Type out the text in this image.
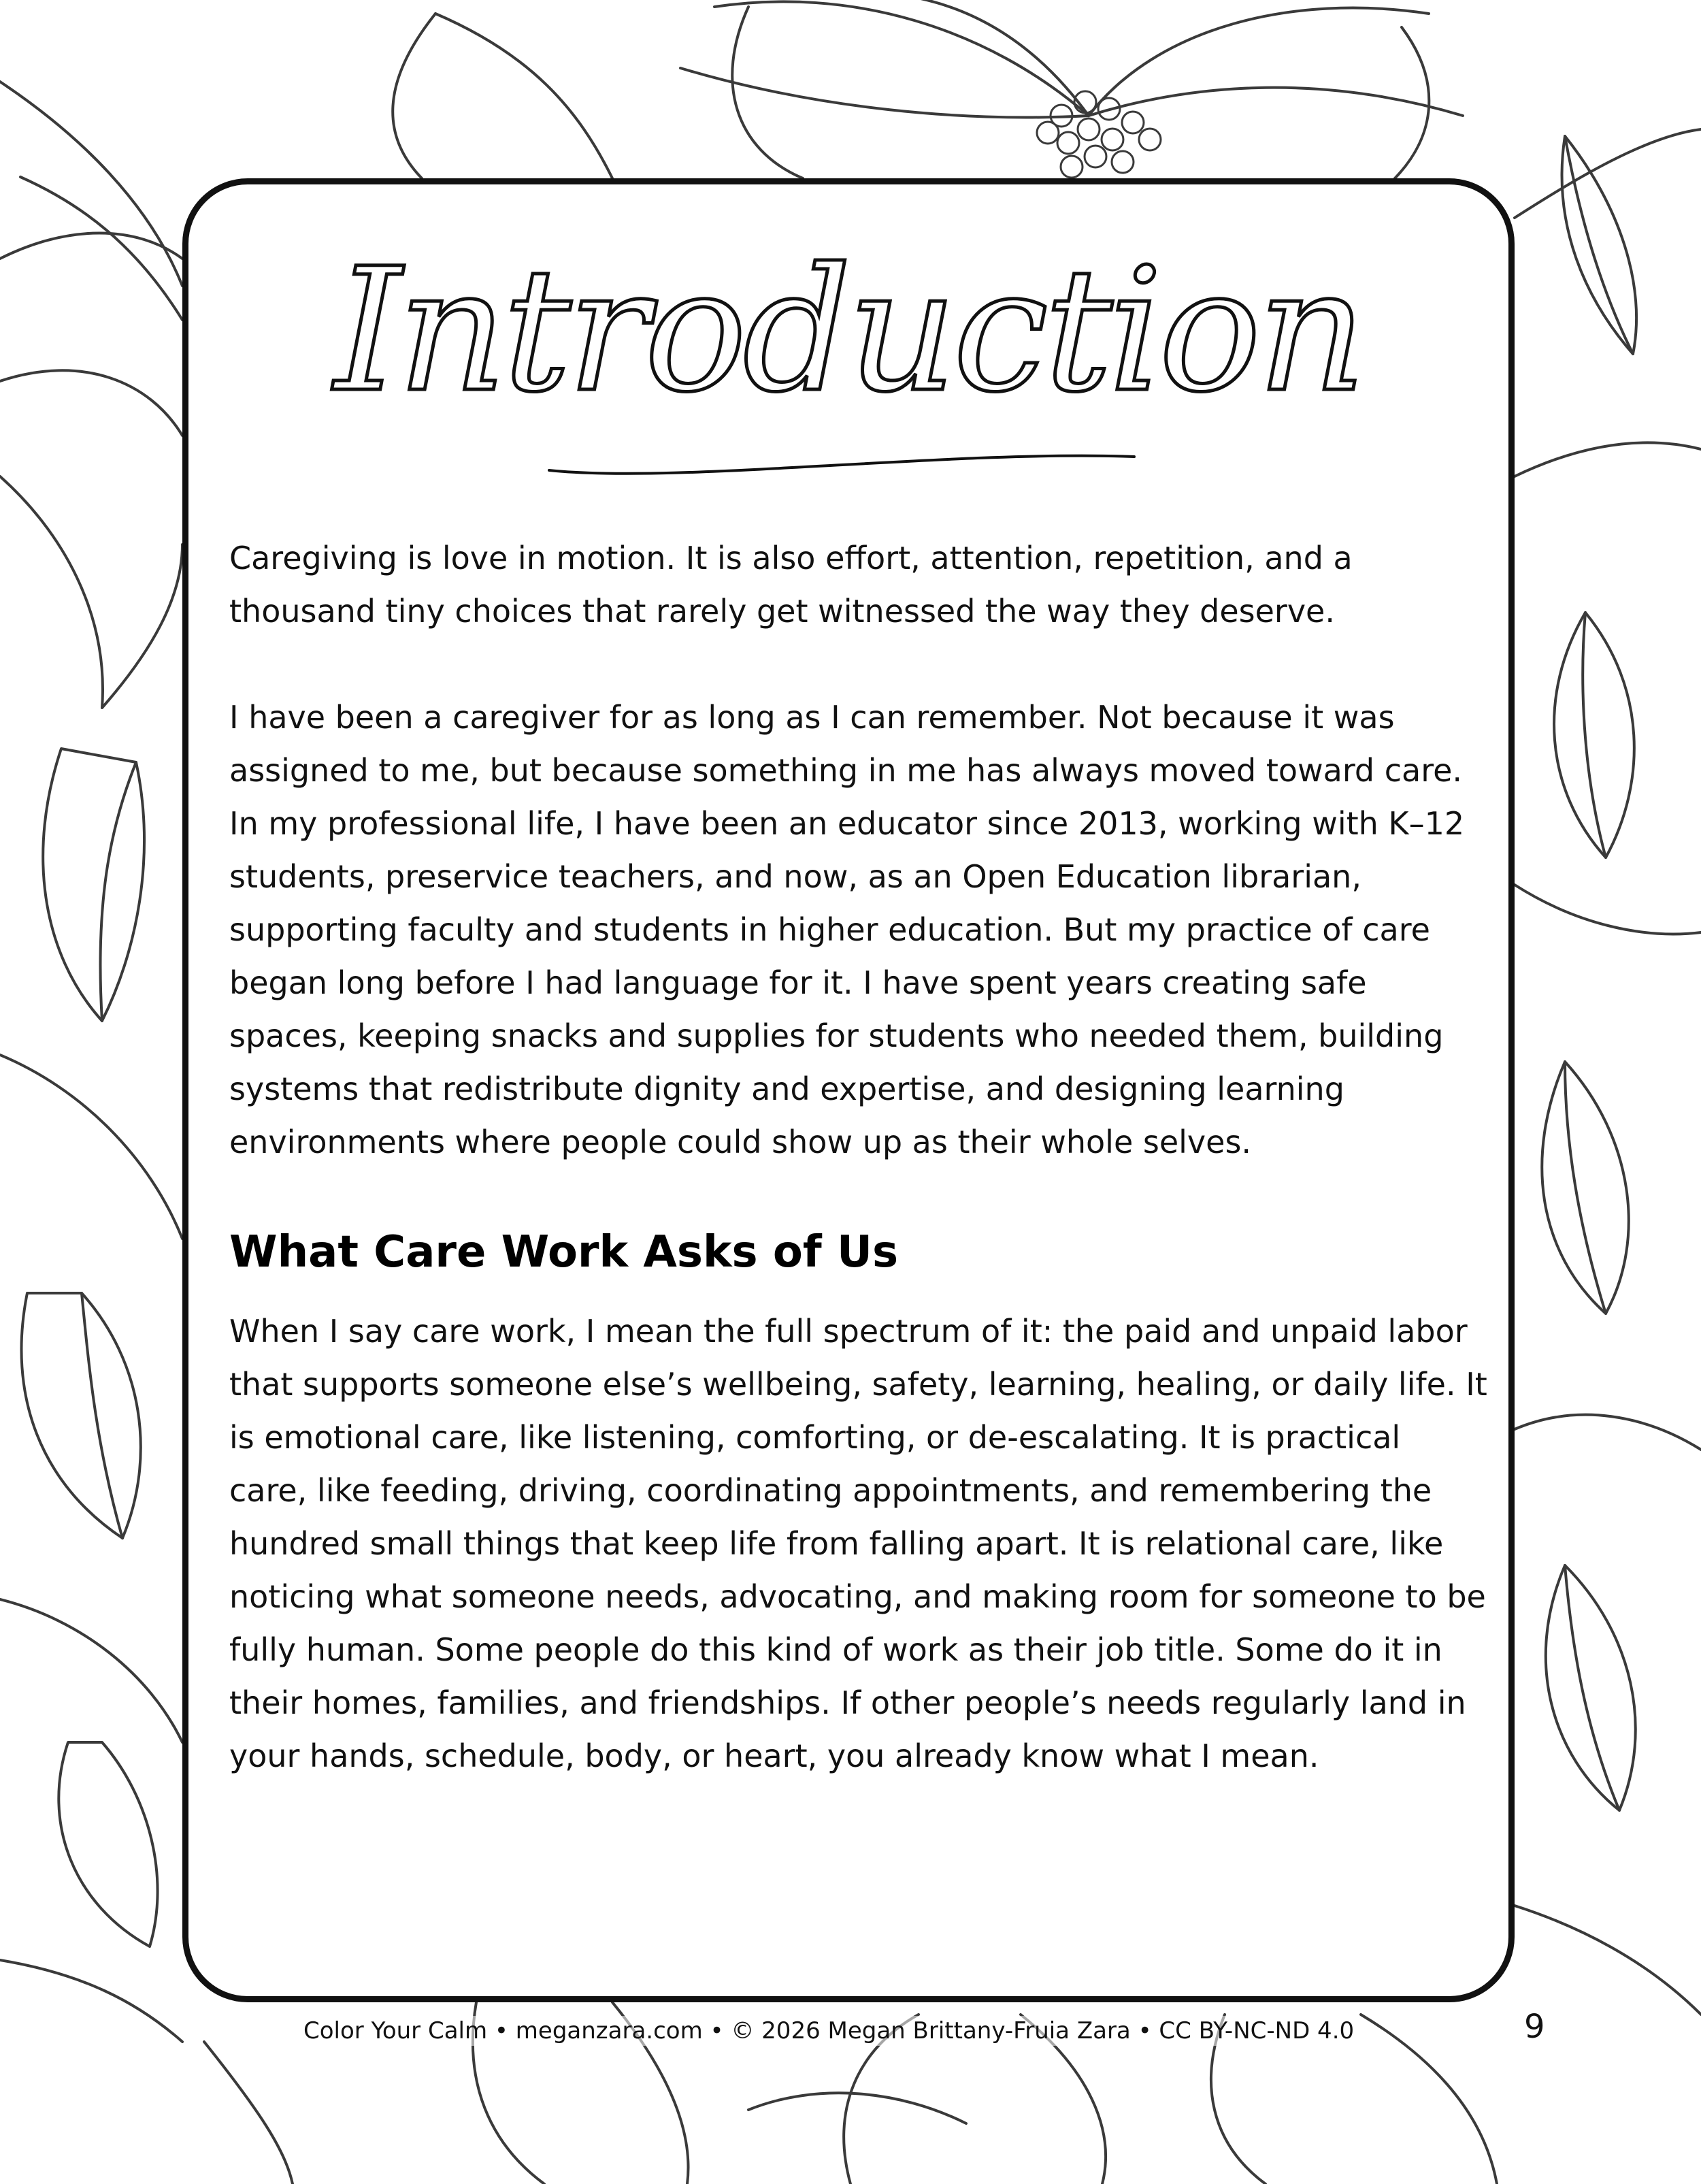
Introduction

Caregiving is love in motion. It is also effort, attention, repetition, and a thousand tiny choices that rarely get witnessed the way they deserve.

I have been a caregiver for as long as I can remember. Not because it was assigned to me, but because something in me has always moved toward care. In my professional life, I have been an educator since 2013, working with K–12 students, preservice teachers, and now, as an Open Education librarian, supporting faculty and students in higher education. But my practice of care began long before I had language for it. I have spent years creating safe spaces, keeping snacks and supplies for students who needed them, building systems that redistribute dignity and expertise, and designing learning environments where people could show up as their whole selves.

What Care Work Asks of Us

When I say care work, I mean the full spectrum of it: the paid and unpaid labor that supports someone else’s wellbeing, safety, learning, healing, or daily life. It is emotional care, like listening, comforting, or de-escalating. It is practical care, like feeding, driving, coordinating appointments, and remembering the hundred small things that keep life from falling apart. It is relational care, like noticing what someone needs, advocating, and making room for someone to be fully human. Some people do this kind of work as their job title. Some do it in their homes, families, and friendships. If other people’s needs regularly land in your hands, schedule, body, or heart, you already know what I mean.

Color Your Calm • meganzara.com • © 2026 Megan Brittany-Fruia Zara • CC BY-NC-ND 4.0	9
